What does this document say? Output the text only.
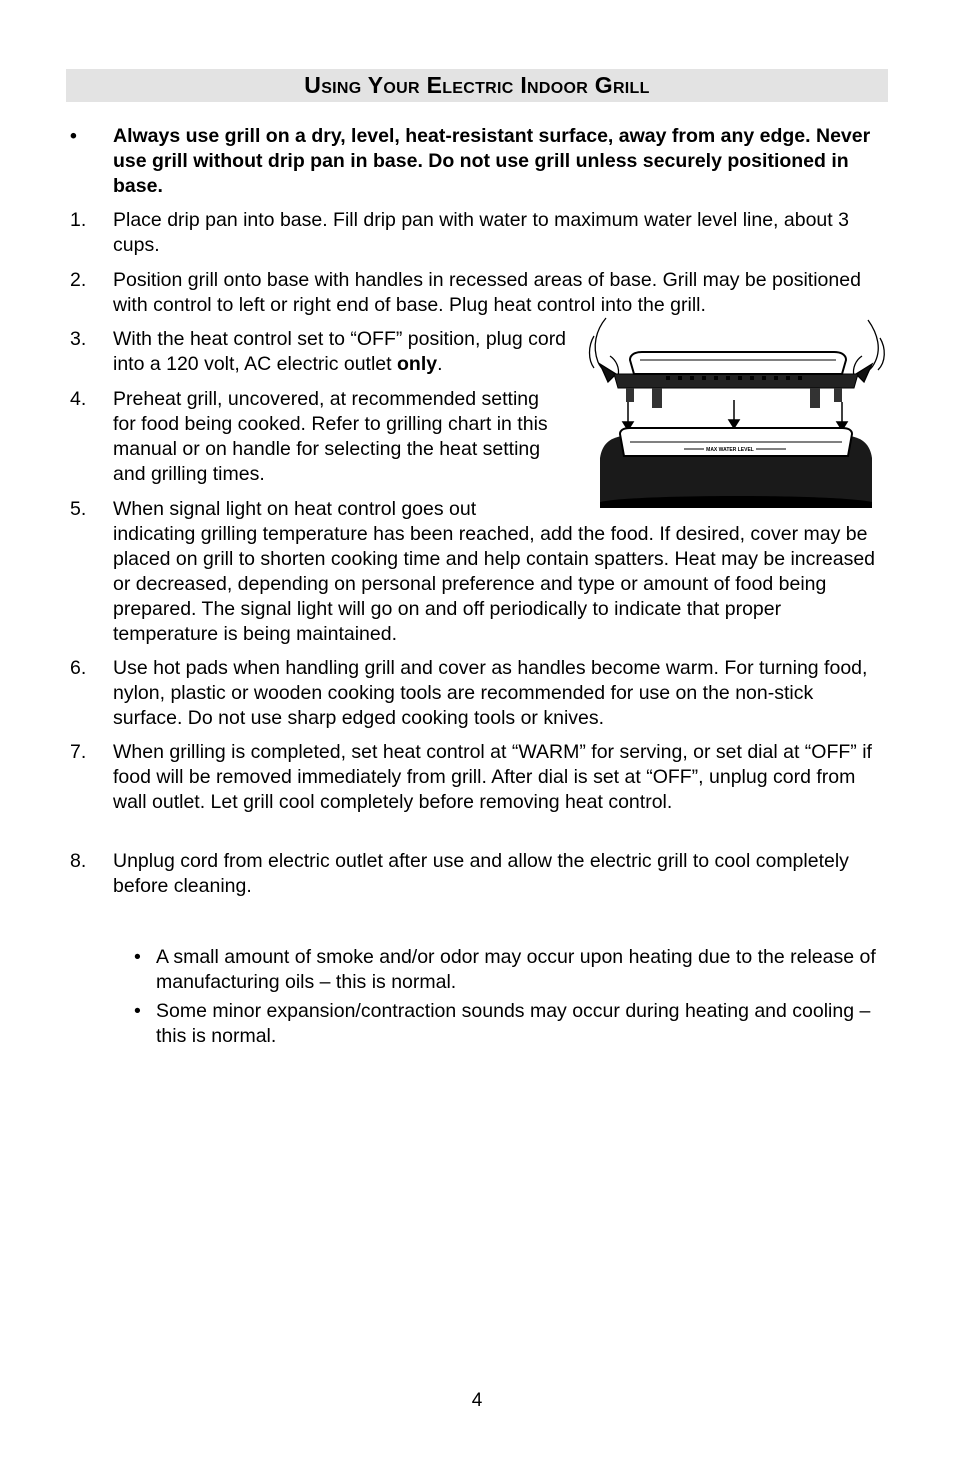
Using Your Electric Indoor Grill
•	Always use grill on a dry, level, heat-resistant surface, away from any edge. Never use grill without drip pan in base. Do not use grill unless securely positioned in base.
1.	Place drip pan into base. Fill drip pan with water to maximum water level line, about 3 cups.
2.	Position grill onto base with handles in recessed areas of base. Grill may be positioned with control to left or right end of base. Plug heat control into the grill.
3.	With the heat control set to “OFF” position, plug cord into a 120 volt, AC electric outlet only.
4.	Preheat grill, uncovered, at recommended setting for food being cooked. Refer to grilling chart in this manual or on handle for selecting the heat setting and grilling times.
5.	When signal light on heat control goes out
indicating grilling temperature has been reached, add the food. If desired, cover may be placed on grill to shorten cooking time and help contain spatters. Heat may be increased or decreased, depending on personal preference and type or amount of food being prepared. The signal light will go on and off periodically to indicate that proper temperature is being maintained.
6.	Use hot pads when handling grill and cover as handles become warm. For turning food, nylon, plastic or wooden cooking tools are recommended for use on the non-stick surface. Do not use sharp edged cooking tools or knives.
7.	When grilling is completed, set heat control at “WARM” for serving, or set dial at “OFF” if food will be removed immediately from grill. After dial is set at “OFF”, unplug cord from wall outlet. Let grill cool completely before removing heat control.
8.	Unplug cord from electric outlet after use and allow the electric grill to cool completely before cleaning.
MAX WATER LEVEL
• A small amount of smoke and/or odor may occur upon heating due to the release of manufacturing oils – this is normal.
• Some minor expansion/contraction sounds may occur during heating and cooling – this is normal.
4
